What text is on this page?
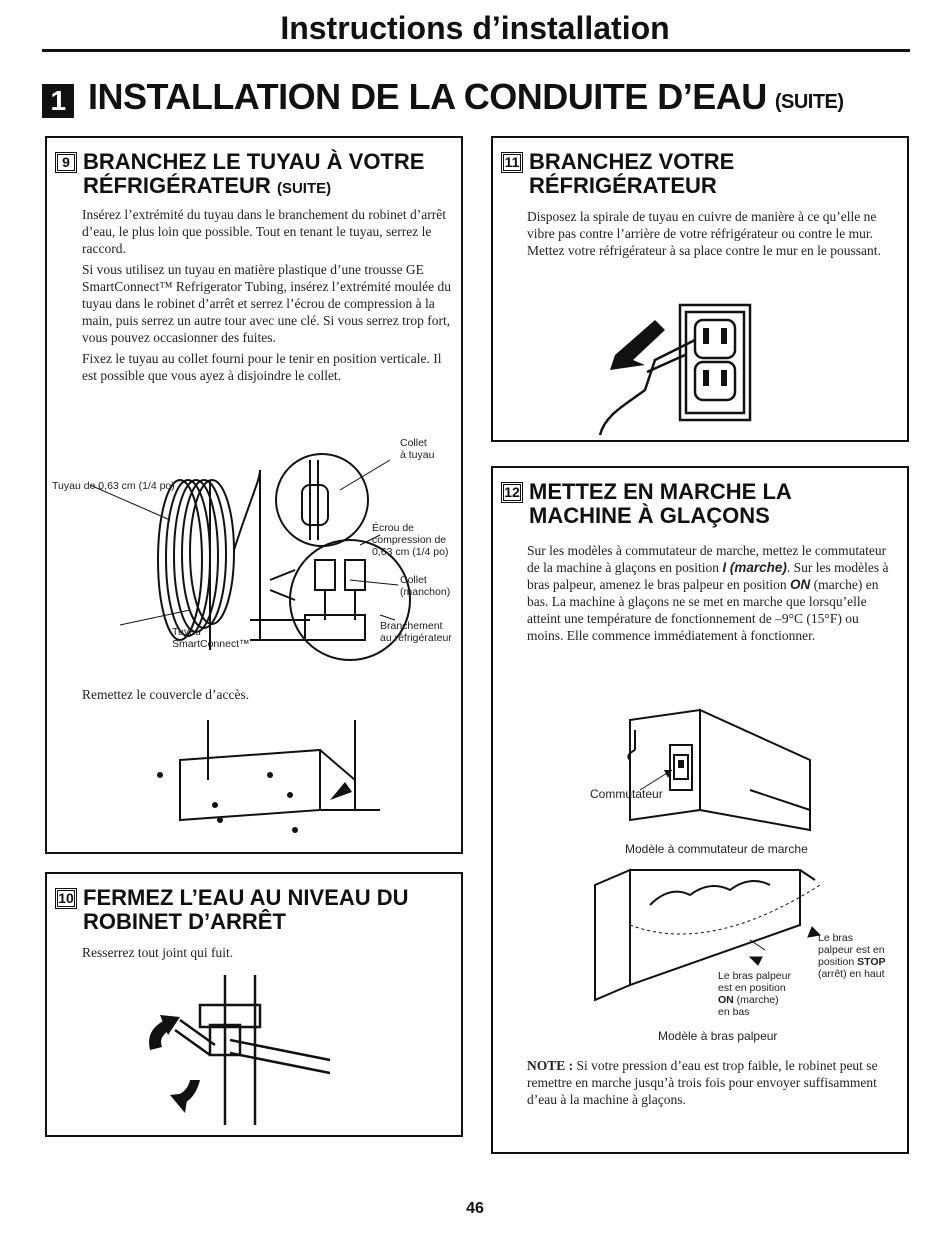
Instructions d’installation
1 INSTALLATION DE LA CONDUITE D’EAU (SUITE)
9 BRANCHEZ LE TUYAU À VOTRE
RÉFRIGÉRATEUR (SUITE)

Insérez l’extrémité du tuyau dans le branchement du robinet d’arrêt d’eau, le plus loin que possible. Tout en tenant le tuyau, serrez le raccord.

Si vous utilisez un tuyau en matière plastique d’une trousse GE SmartConnect™ Refrigerator Tubing, insérez l’extrémité moulée du tuyau dans le robinet d’arrêt et serrez l’écrou de compression à la main, puis serrez un autre tour avec une clé. Si vous serrez trop fort, vous pouvez occasionner des fuites.

Fixez le tuyau au collet fourni pour le tenir en position verticale. Il est possible que vous ayez à disjoindre le collet.

Collet
à tuyau
Tuyau de 0,63 cm (1/4 po)
Écrou de
compression de
0,63 cm (1/4 po)
Collet
(manchon)
Branchement
au réfrigérateur
Tuyau
SmartConnect™
Remettez le couvercle d’accès.
10 FERMEZ L’EAU AU NIVEAU DU
ROBINET D’ARRÊT
Resserrez tout joint qui fuit.
11 BRANCHEZ VOTRE
RÉFRIGÉRATEUR
Disposez la spirale de tuyau en cuivre de manière à ce qu’elle ne vibre pas contre l’arrière de votre réfrigérateur ou contre le mur. Mettez votre réfrigérateur à sa place contre le mur en le poussant.
12 METTEZ EN MARCHE LA
MACHINE À GLAÇONS
Sur les modèles à commutateur de marche, mettez le commutateur de la machine à glaçons en position I (marche). Sur les modèles à bras palpeur, amenez le bras palpeur en position ON (marche) en bas. La machine à glaçons ne se met en marche que lorsqu’elle atteint une température de fonctionnement de –9°C (15°F) ou moins. Elle commence immédiatement à fonctionner.
Commutateur
Modèle à commutateur de marche
Le bras palpeur
est en position
ON (marche)
en bas
Le bras
palpeur est en
position STOP
(arrêt) en haut
Modèle à bras palpeur
NOTE : Si votre pression d’eau est trop faible, le robinet peut se remettre en marche jusqu’à trois fois pour envoyer suffisamment d’eau à la machine à glaçons.
46
